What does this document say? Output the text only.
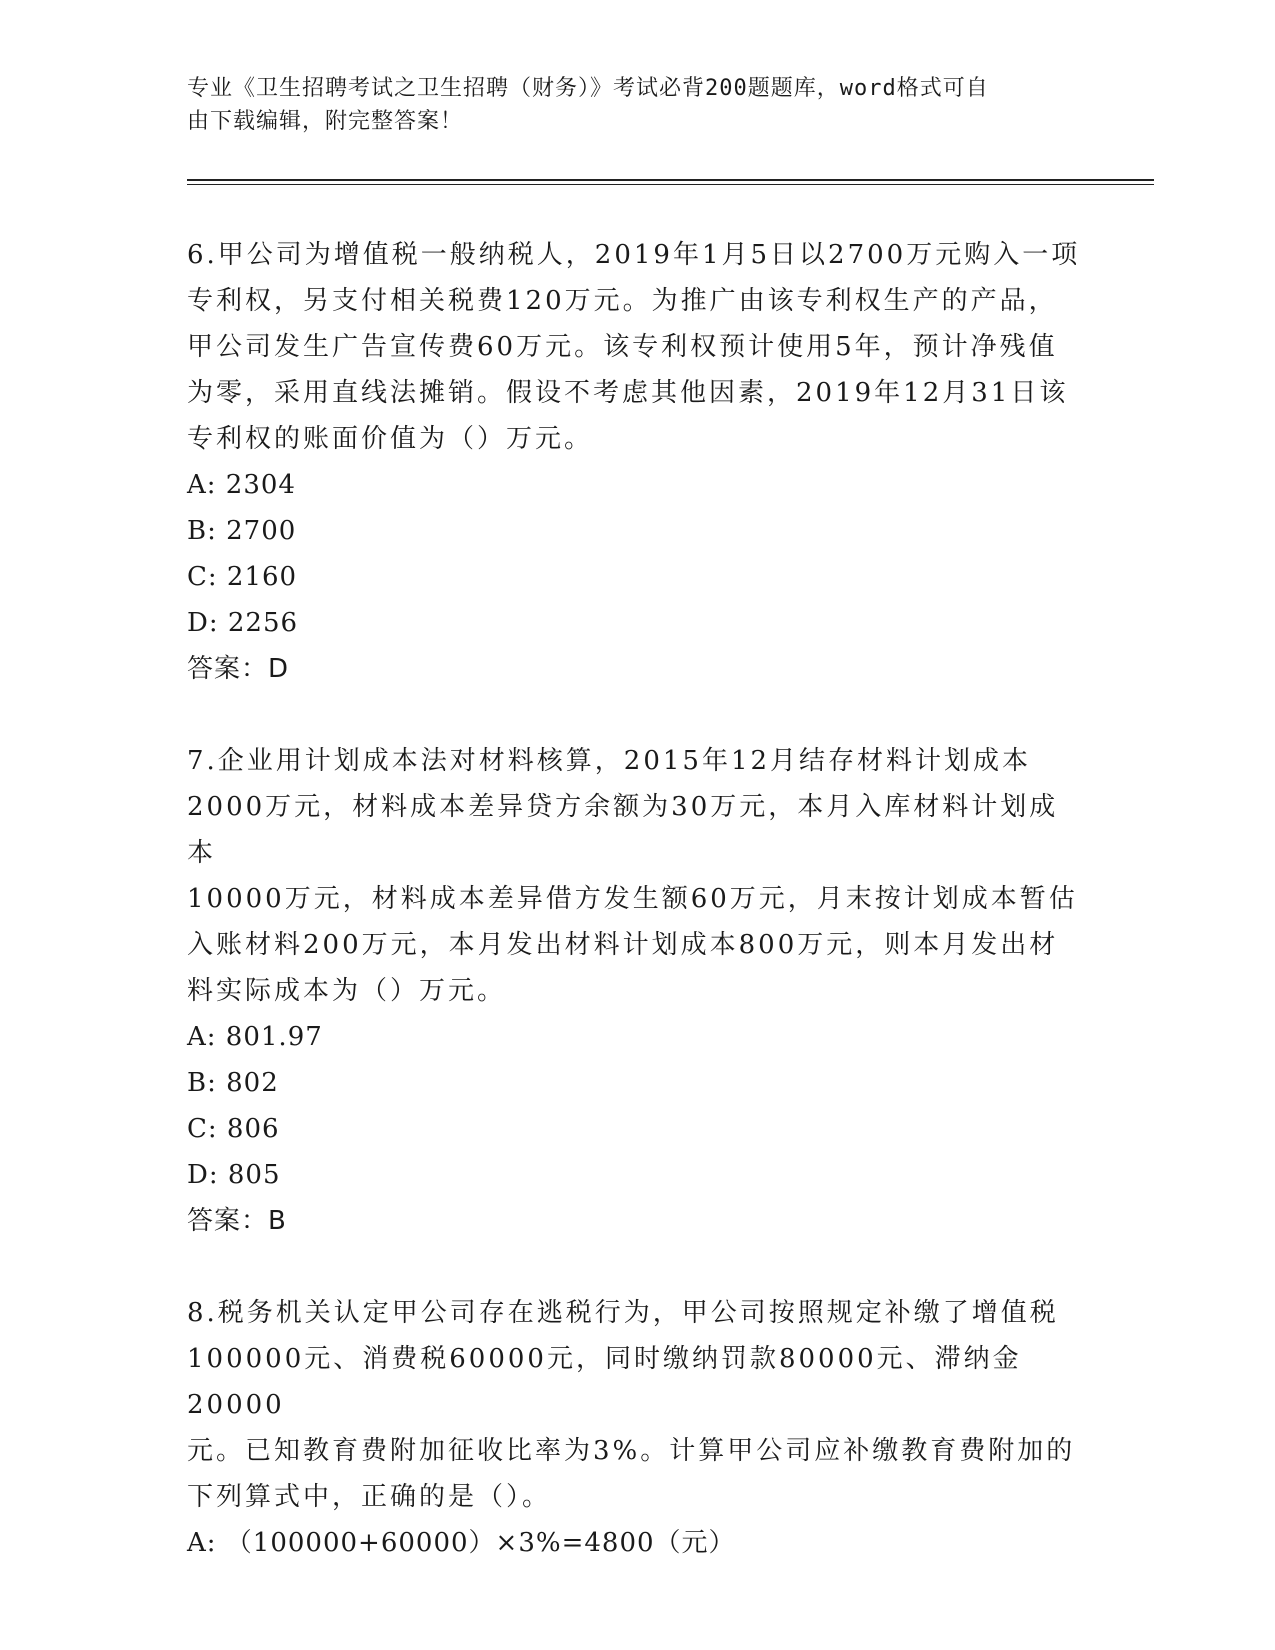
专业《卫生招聘考试之卫生招聘（财务）》考试必背200题题库，word格式可自
由下载编辑，附完整答案！
6.甲公司为增值税一般纳税人，2019年1月5日以2700万元购入一项
专利权，另支付相关税费120万元。为推广由该专利权生产的产品，
甲公司发生广告宣传费60万元。该专利权预计使用5年，预计净残值
为零，采用直线法摊销。假设不考虑其他因素，2019年12月31日该
专利权的账面价值为（）万元。
A: 2304
B: 2700
C: 2160
D: 2256
答案：D
7.企业用计划成本法对材料核算，2015年12月结存材料计划成本
2000万元，材料成本差异贷方余额为30万元，本月入库材料计划成本
10000万元，材料成本差异借方发生额60万元，月末按计划成本暂估
入账材料200万元，本月发出材料计划成本800万元，则本月发出材
料实际成本为（）万元。
A: 801.97
B: 802
C: 806
D: 805
答案：B
8.税务机关认定甲公司存在逃税行为，甲公司按照规定补缴了增值税
100000元、消费税60000元，同时缴纳罚款80000元、滞纳金20000
元。已知教育费附加征收比率为3%。计算甲公司应补缴教育费附加的
下列算式中，正确的是（）。
A: （100000+60000）×3%=4800（元）
